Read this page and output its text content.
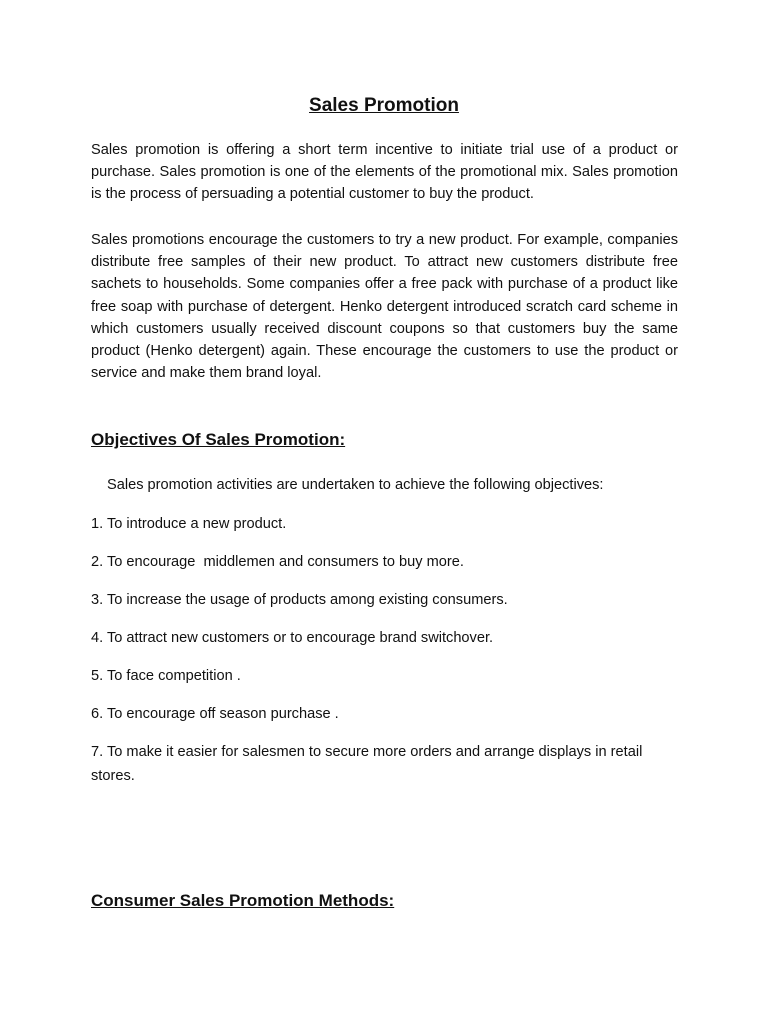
Sales Promotion

Sales promotion is offering a short term incentive to initiate trial use of a product or purchase. Sales promotion is one of the elements of the promotional mix. Sales promotion is the process of persuading a potential customer to buy the product.

Sales promotions encourage the customers to try a new product. For example, companies distribute free samples of their new product. To attract new customers distribute free sachets to households. Some companies offer a free pack with purchase of a product like free soap with purchase of detergent. Henko detergent introduced scratch card scheme in which customers usually received discount coupons so that customers buy the same product (Henko detergent) again. These encourage the customers to use the product or service and make them brand loyal.

Objectives Of Sales Promotion:

Sales promotion activities are undertaken to achieve the following objectives:

1. To introduce a new product.
2. To encourage  middlemen and consumers to buy more.
3. To increase the usage of products among existing consumers.
4. To attract new customers or to encourage brand switchover.
5. To face competition .
6. To encourage off season purchase .
7. To make it easier for salesmen to secure more orders and arrange displays in retail stores.
Consumer Sales Promotion Methods:
